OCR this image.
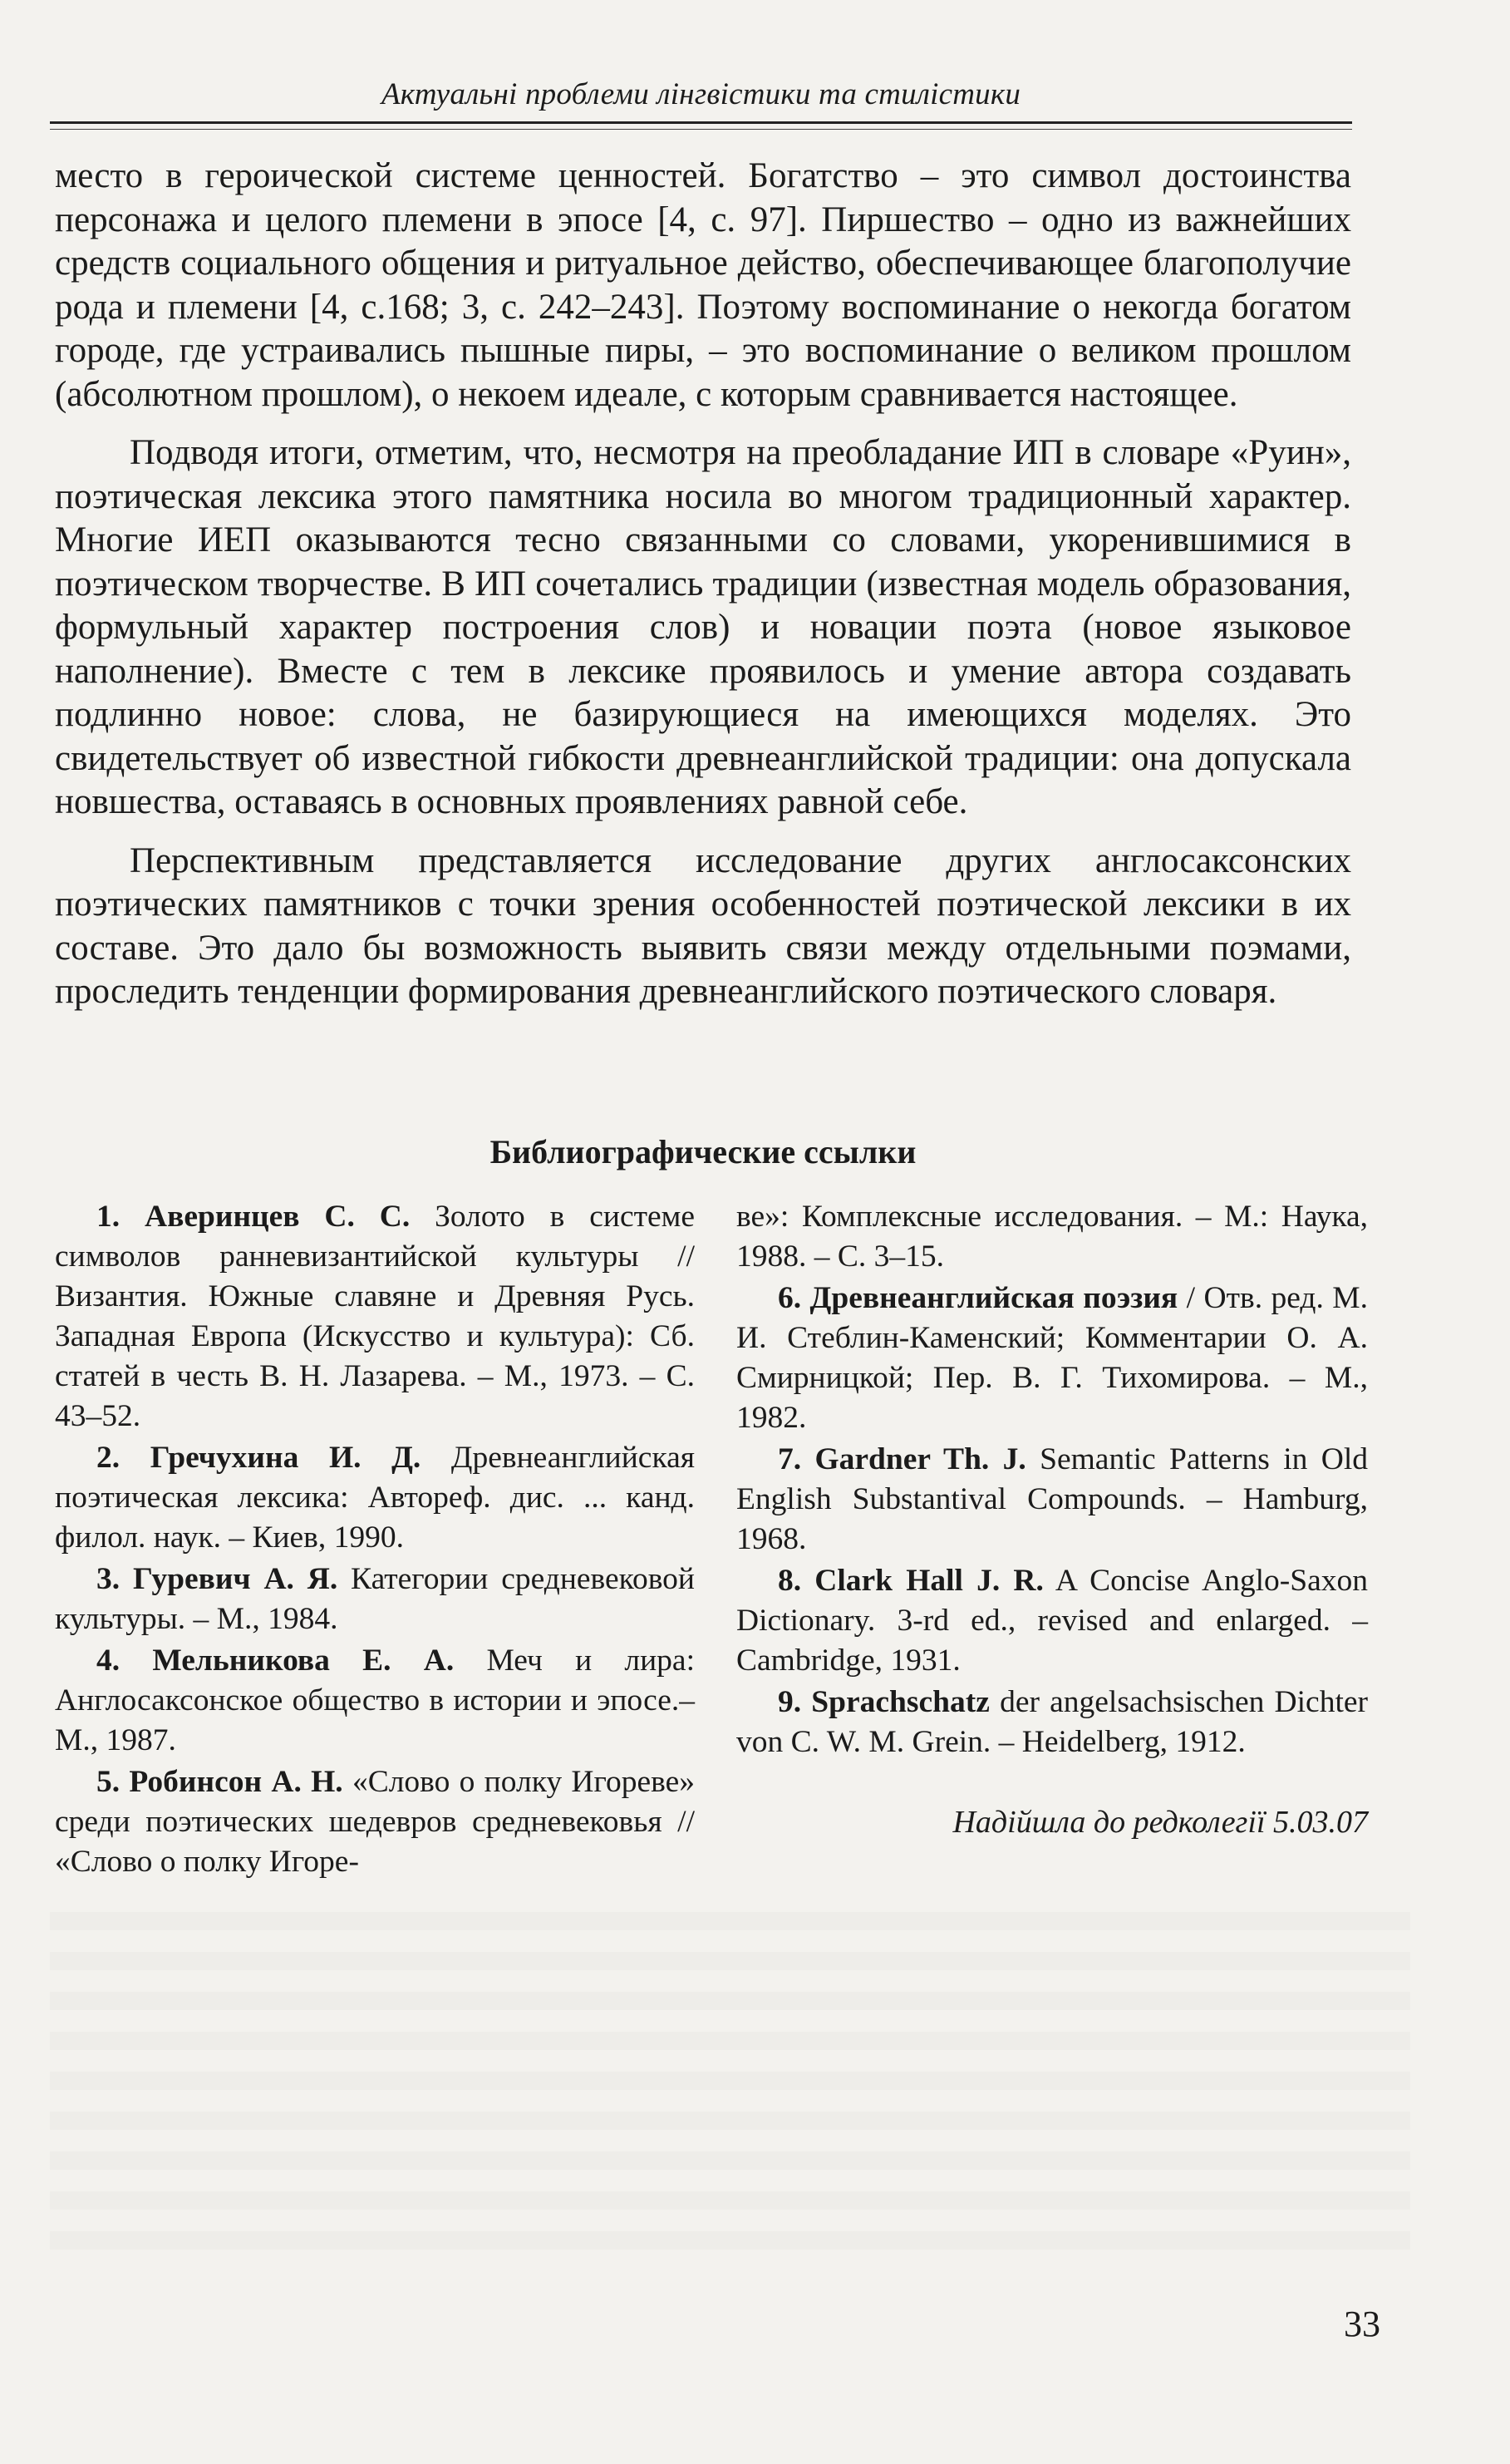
Актуальні проблеми лінгвістики та стилістики

место в героической системе ценностей. Богатство – это символ достоинства персонажа и целого племени в эпосе [4, с. 97]. Пиршество – одно из важнейших средств социального общения и ритуальное действо, обеспечивающее благополучие рода и племени [4, с.168; 3, с. 242–243]. Поэтому воспоминание о некогда богатом городе, где устраивались пышные пиры, – это воспоминание о великом прошлом (абсолютном прошлом), о некоем идеале, с которым сравнивается настоящее.

Подводя итоги, отметим, что, несмотря на преобладание ИП в словаре «Руин», поэтическая лексика этого памятника носила во многом традиционный характер. Многие ИЕП оказываются тесно связанными со словами, укоренившимися в поэтическом творчестве. В ИП сочетались традиции (известная модель образования, формульный характер построения слов) и новации поэта (новое языковое наполнение). Вместе с тем в лексике проявилось и умение автора создавать подлинно новое: слова, не базирующиеся на имеющихся моделях. Это свидетельствует об известной гибкости древнеанглийской традиции: она допускала новшества, оставаясь в основных проявлениях равной себе.

Перспективным представляется исследование других англосаксонских поэтических памятников с точки зрения особенностей поэтической лексики в их составе. Это дало бы возможность выявить связи между отдельными поэмами, проследить тенденции формирования древнеанглийского поэтического словаря.

Библиографические ссылки

1. Аверинцев С. С. Золото в системе символов ранневизантийской культуры // Византия. Южные славяне и Древняя Русь. Западная Европа (Искусство и культура): Сб. статей в честь В. Н. Лазарева. – М., 1973. – С. 43–52.

2. Гречухина И. Д. Древнеанглийская поэтическая лексика: Автореф. дис. ... канд. филол. наук. – Киев, 1990.

3. Гуревич А. Я. Категории средневековой культуры. – М., 1984.

4. Мельникова Е. А. Меч и лира: Англосаксонское общество в истории и эпосе.– М., 1987.

5. Робинсон А. Н. «Слово о полку Игореве» среди поэтических шедевров средневековья // «Слово о полку Игоре-

ве»: Комплексные исследования. – М.: Наука, 1988. – С. 3–15.

6. Древнеанглийская поэзия / Отв. ред. М. И. Стеблин-Каменский; Комментарии О. А. Смирницкой; Пер. В. Г. Тихомирова. – М., 1982.

7. Gardner Th. J. Semantic Patterns in Old English Substantival Compounds. – Hamburg, 1968.

8. Clark Hall J. R. A Concise Anglo-Saxon Dictionary. 3-rd ed., revised and enlarged. – Cambridge, 1931.

9. Sprachschatz der angelsachsischen Dichter von C. W. M. Grein. – Heidelberg, 1912.

Надійшла до редколегії 5.03.07
33
